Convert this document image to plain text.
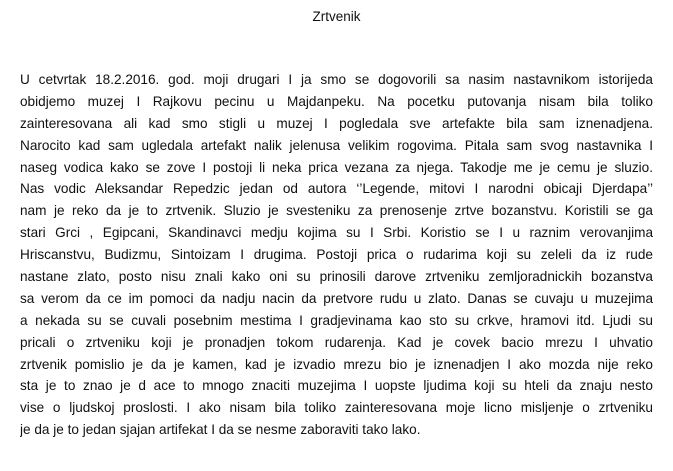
Zrtvenik
U cetvrtak 18.2.2016. god. moji drugari I ja smo se dogovorili sa nasim nastavnikom istorijeda
obidjemo muzej I Rajkovu pecinu u Majdanpeku. Na pocetku putovanja nisam bila toliko
zainteresovana ali kad smo stigli u muzej I pogledala sve artefakte bila sam iznenadjena.
Narocito kad sam ugledala artefakt nalik jelenusa velikim rogovima. Pitala sam svog nastavnika I
naseg vodica kako se zove I postoji li neka prica vezana za njega. Takodje me je cemu je sluzio.
Nas vodic Aleksandar Repedzic jedan od autora ‘’Legende, mitovi I narodni obicaji Djerdapa’’
nam je reko da je to zrtvenik. Sluzio je svesteniku za prenosenje zrtve bozanstvu. Koristili se ga
stari Grci , Egipcani, Skandinavci medju kojima su I Srbi. Koristio se I u raznim verovanjima
Hriscanstvu, Budizmu, Sintoizam I drugima. Postoji prica o rudarima koji su zeleli da iz rude
nastane zlato, posto nisu znali kako oni su prinosili darove zrtveniku zemljoradnickih bozanstva
sa verom da ce im pomoci da nadju nacin da pretvore rudu u zlato. Danas se cuvaju u muzejima
a nekada su se cuvali posebnim mestima I gradjevinama kao sto su crkve, hramovi itd. Ljudi su
pricali o zrtveniku koji je pronadjen tokom rudarenja. Kad je covek bacio mrezu I uhvatio
zrtvenik pomislio je da je kamen, kad je izvadio mrezu bio je iznenadjen I ako mozda nije reko
sta je to znao je d ace to mnogo znaciti muzejima I uopste ljudima koji su hteli da znaju nesto
vise o ljudskoj proslosti. I ako nisam bila toliko zainteresovana moje licno misljenje o zrtveniku
je da je to jedan sjajan artifekat I da se nesme zaboraviti tako lako.
